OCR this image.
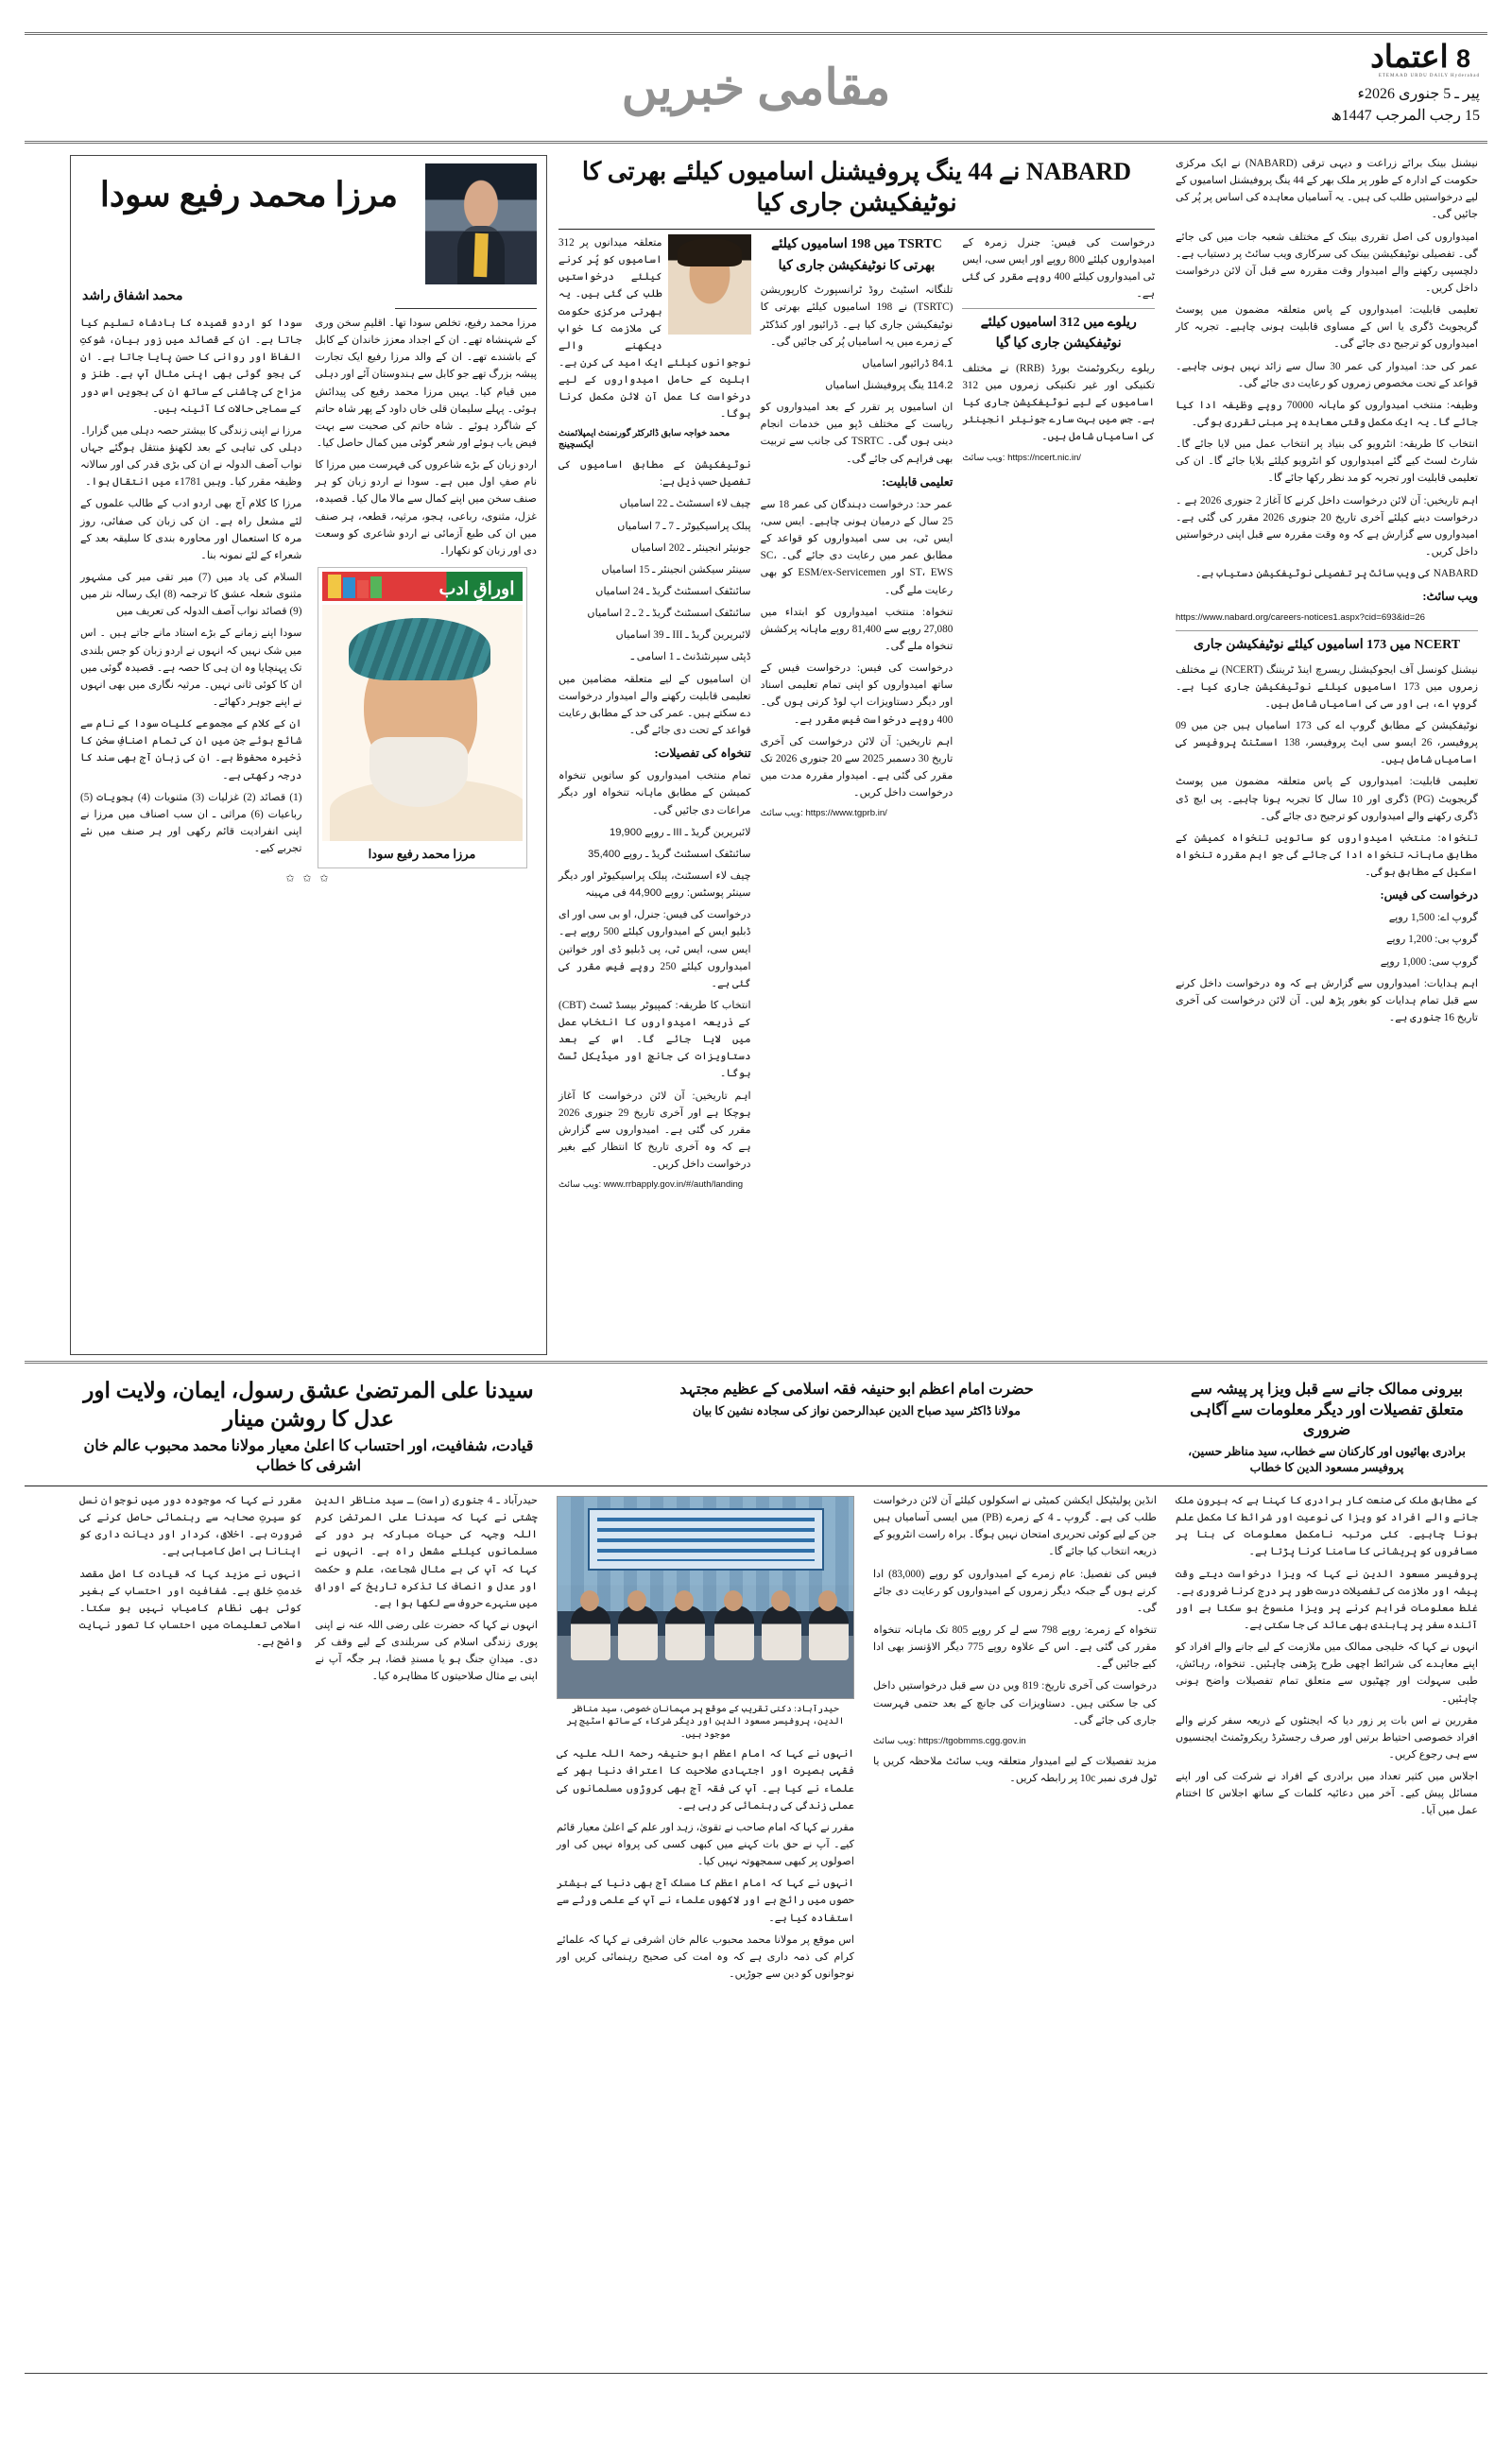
8 اعتماد
ETEMAAD URDU DAILY Hyderabad
پیر ـ 5 جنوری 2026ء
15 رجب المرجب 1447ھ
مقامی خبریں

نیشنل بینک برائے زراعت و دیہی ترقی (NABARD) نے ایک مرکزی حکومت کے ادارہ کے طور پر ملک بھر کے 44 ینگ پروفیشنل اسامیوں کے لیے درخواستیں طلب کی ہیں۔ یہ آسامیاں معاہدہ کی اساس پر پُر کی جائیں گی۔

امیدواروں کی اصل تقرری بینک کے مختلف شعبہ جات میں کی جائے گی۔ تفصیلی نوٹیفکیشن بینک کی سرکاری ویب سائٹ پر دستیاب ہے۔ دلچسپی رکھنے والے امیدوار وقت مقررہ سے قبل آن لائن درخواست داخل کریں۔

تعلیمی قابلیت: امیدواروں کے پاس متعلقہ مضمون میں پوسٹ گریجویٹ ڈگری یا اس کے مساوی قابلیت ہونی چاہیے۔ تجربہ کار امیدواروں کو ترجیح دی جائے گی۔

عمر کی حد: امیدوار کی عمر 30 سال سے زائد نہیں ہونی چاہیے۔ قواعد کے تحت مخصوص زمروں کو رعایت دی جائے گی۔

وظیفہ: منتخب امیدواروں کو ماہانہ 70000 روپے وظیفہ ادا کیا جائے گا۔ یہ ایک مکمل وقتی معاہدہ پر مبنی تقرری ہوگی۔

انتخاب کا طریقہ: انٹرویو کی بنیاد پر انتخاب عمل میں لایا جائے گا۔ شارٹ لسٹ کیے گئے امیدواروں کو انٹرویو کیلئے بلایا جائے گا۔ ان کی تعلیمی قابلیت اور تجربہ کو مد نظر رکھا جائے گا۔

اہم تاریخیں: آن لائن درخواست داخل کرنے کا آغاز 2 جنوری 2026 ہے ۔ درخواست دینے کیلئے آخری تاریخ 20 جنوری 2026 مقرر کی گئی ہے۔ امیدواروں سے گزارش ہے کہ وہ وقت مقررہ سے قبل اپنی درخواستیں داخل کریں۔

NABARD کی ویب سائٹ پر تفصیلی نوٹیفکیشن دستیاب ہے۔

ویب سائٹ:

https://www.nabard.org/careers-notices1.aspx?cid=693&id=26

NCERT میں 173 اسامیوں کیلئے نوٹیفکیشن جاری

نیشنل کونسل آف ایجوکیشنل ریسرچ اینڈ ٹریننگ (NCERT) نے مختلف زمروں میں 173 اسامیوں کیلئے نوٹیفکیشن جاری کیا ہے۔ گروپ اے، بی اور سی کی اسامیاں شامل ہیں۔

نوٹیفکیشن کے مطابق گروپ اے کی 173 اسامیاں ہیں جن میں 09 پروفیسر، 26 ایسو سی ایٹ پروفیسر، 138 اسسٹنٹ پروفیسر کی اسامیاں شامل ہیں۔

تعلیمی قابلیت: امیدواروں کے پاس متعلقہ مضمون میں پوسٹ گریجویٹ (PG) ڈگری اور 10 سال کا تجربہ ہونا چاہیے۔ پی ایچ ڈی ڈگری رکھنے والے امیدواروں کو ترجیح دی جائے گی۔

تنخواہ: منتخب امیدواروں کو ساتویں تنخواہ کمیشن کے مطابق ماہانہ تنخواہ ادا کی جائے گی جو اہم مقررہ تنخواہ اسکیل کے مطابق ہوگی۔

درخواست کی فیس:

گروپ اے: 1,500 روپے

گروپ بی: 1,200 روپے

گروپ سی: 1,000 روپے

اہم ہدایات: امیدواروں سے گزارش ہے کہ وہ درخواست داخل کرنے سے قبل تمام ہدایات کو بغور پڑھ لیں۔ آن لائن درخواست کی آخری تاریخ 16 جنوری ہے۔

NABARD نے 44 ینگ پروفیشنل اسامیوں کیلئے بھرتی کا نوٹیفکیشن جاری کیا

درخواست کی فیس: جنرل زمرہ کے امیدواروں کیلئے 800 روپے اور ایس سی، ایس ٹی امیدواروں کیلئے 400 روپے مقرر کی گئی ہے۔

ریلوے میں 312 اسامیوں کیلئے نوٹیفکیشن جاری کیا گیا

ریلوے ریکروٹمنٹ بورڈ (RRB) نے مختلف تکنیکی اور غیر تکنیکی زمروں میں 312 اسامیوں کے لیے نوٹیفکیشن جاری کیا ہے۔ جس میں بہت سارے جونیئر انجینئر کی اسامیاں شامل ہیں۔

ویب سائٹ: https://ncert.nic.in/

TSRTC میں 198 اسامیوں کیلئے بھرتی کا نوٹیفکیشن جاری کیا

تلنگانہ اسٹیٹ روڈ ٹرانسپورٹ کارپوریشن (TSRTC) نے 198 اسامیوں کیلئے بھرتی کا نوٹیفکیشن جاری کیا ہے۔ ڈرائیور اور کنڈکٹر کے زمرے میں یہ اسامیاں پُر کی جائیں گی۔

84.1 ڈرائیور اسامیاں

114.2 ینگ پروفیشنل اسامیاں

ان اسامیوں پر تقرر کے بعد امیدواروں کو ریاست کے مختلف ڈپو میں خدمات انجام دینی ہوں گی۔ TSRTC کی جانب سے تربیت بھی فراہم کی جائے گی۔

تعلیمی قابلیت:

عمر حد: درخواست دہندگان کی عمر 18 سے 25 سال کے درمیان ہونی چاہیے۔ ایس سی، ایس ٹی، بی سی امیدواروں کو قواعد کے مطابق عمر میں رعایت دی جائے گی۔ SC، ST، EWS اور ESM/ex-Servicemen کو بھی رعایت ملے گی۔

تنخواہ: منتخب امیدواروں کو ابتداء میں 27,080 روپے سے 81,400 روپے ماہانہ پرکشش تنخواہ ملے گی۔

درخواست کی فیس: درخواست فیس کے ساتھ امیدواروں کو اپنی تمام تعلیمی اسناد اور دیگر دستاویزات اپ لوڈ کرنی ہوں گی۔ 400 روپے درخواست فیس مقرر ہے۔

اہم تاریخیں: آن لائن درخواست کی آخری تاریخ 30 دسمبر 2025 سے 20 جنوری 2026 تک مقرر کی گئی ہے۔ امیدوار مقررہ مدت میں درخواست داخل کریں۔

ویب سائٹ: https://www.tgprb.in/

متعلقہ میدانوں پر 312 اسامیوں کو پُر کرنے کیلئے درخواستیں طلب کی گئی ہیں۔ یہ بھرتی مرکزی حکومت کی ملازمت کا خواب دیکھنے والے نوجوانوں کیلئے ایک امید کی کرن ہے۔ اہلیت کے حامل امیدواروں کے لیے درخواست کا عمل آن لائن مکمل کرنا ہوگا۔

محمد خواجہ سابق ڈائرکٹر گورنمنٹ ایمپلائمنٹ ایکسچینج

نوٹیفکیشن کے مطابق اسامیوں کی تفصیل حسب ذیل ہے:

چیف لاء اسسٹنٹ ـ 22 اسامیاں

پبلک پراسیکیوٹر ـ 7 ـ 7 اسامیاں

جونیئر انجینئر ـ 202 اسامیاں

سینئر سیکشن انجینئر ـ 15 اسامیاں

سائنٹفک اسسٹنٹ گریڈ ـ 24 اسامیاں

سائنٹفک اسسٹنٹ گریڈ ـ 2 ـ 2 اسامیاں

لائبریرین گریڈ ـ III ـ 39 اسامیاں

ڈپٹی سپرنٹنڈنٹ ـ 1 اسامی ـ

ان اسامیوں کے لیے متعلقہ مضامین میں تعلیمی قابلیت رکھنے والے امیدوار درخواست دے سکتے ہیں۔ عمر کی حد کے مطابق رعایت قواعد کے تحت دی جائے گی۔

تنخواہ کی تفصیلات:

تمام منتخب امیدواروں کو ساتویں تنخواہ کمیشن کے مطابق ماہانہ تنخواہ اور دیگر مراعات دی جائیں گی۔

لائبریرین گریڈ ـ III ـ روپے 19,900

سائنٹفک اسسٹنٹ گریڈ ـ روپے 35,400

چیف لاء اسسٹنٹ، پبلک پراسیکیوٹر اور دیگر سینئر پوسٹس: روپے 44,900 فی مہینہ

درخواست کی فیس: جنرل، او بی سی اور ای ڈبلیو ایس کے امیدواروں کیلئے 500 روپے ہے۔ ایس سی، ایس ٹی، پی ڈبلیو ڈی اور خواتین امیدواروں کیلئے 250 روپے فیس مقرر کی گئی ہے۔

انتخاب کا طریقہ: کمپیوٹر بیسڈ ٹسٹ (CBT) کے ذریعہ امیدواروں کا انتخاب عمل میں لایا جائے گا۔ اس کے بعد دستاویزات کی جانچ اور میڈیکل ٹسٹ ہوگا۔

اہم تاریخیں: آن لائن درخواست کا آغاز ہوچکا ہے اور آخری تاریخ 29 جنوری 2026 مقرر کی گئی ہے۔ امیدواروں سے گزارش ہے کہ وہ آخری تاریخ کا انتظار کیے بغیر درخواست داخل کریں۔

ویب سائٹ: www.rrbapply.gov.in/#/auth/landing

مرزا محمد رفیع سودا
محمد اشفاق راشد

مرزا محمد رفیع، تخلص سودا تھا۔ اقلیمِ سخن وری کے شہنشاہ تھے۔ ان کے اجداد معزز خاندان کے کابل کے باشندے تھے۔ ان کے والد مرزا رفیع ایک تجارت پیشہ بزرگ تھے جو کابل سے ہندوستان آئے اور دہلی میں قیام کیا۔ یہیں مرزا محمد رفیع کی پیدائش ہوئی۔ پہلے سلیمان قلی خاں داود کے پھر شاہ حاتم کے شاگرد ہوئے ۔ شاہ حاتم کی صحبت سے بہت فیض یاب ہوئے اور شعر گوئی میں کمال حاصل کیا۔

اردو زبان کے بڑے شاعروں کی فہرست میں مرزا کا نام صفِ اول میں ہے۔ سودا نے اردو زبان کو ہر صنف سخن میں اپنے کمال سے مالا مال کیا۔ قصیدہ، غزل، مثنوی، رباعی، ہجو، مرثیہ، قطعہ، ہر صنف میں ان کی طبع آزمائی نے اردو شاعری کو وسعت دی اور زبان کو نکھارا۔

اوراقِ ادب
مرزا محمد رفیع سودا

سودا کو اردو قصیدہ کا بادشاہ تسلیم کیا جاتا ہے۔ ان کے قصائد میں زور بیان، شوکتِ الفاظ اور روانی کا حسن پایا جاتا ہے۔ ان کی ہجو گوئی بھی اپنی مثال آپ ہے۔ طنز و مزاح کی چاشنی کے ساتھ ان کی ہجویں اس دور کے سماجی حالات کا آئینہ ہیں۔

مرزا نے اپنی زندگی کا بیشتر حصہ دہلی میں گزارا۔ دہلی کی تباہی کے بعد لکھنؤ منتقل ہوگئے جہاں نواب آصف الدولہ نے ان کی بڑی قدر کی اور سالانہ وظیفہ مقرر کیا۔ وہیں 1781ء میں انتقال ہوا۔

مرزا کا کلام آج بھی اردو ادب کے طالب علموں کے لئے مشعل راہ ہے۔ ان کی زبان کی صفائی، روز مرہ کا استعمال اور محاورہ بندی کا سلیقہ بعد کے شعراء کے لئے نمونہ بنا۔

السلام کی یاد میں (7) میر تقی میر کی مشہور مثنوی شعلہ عشق کا ترجمہ (8) ایک رسالہ نثر میں (9) قصائد نواب آصف الدولہ کی تعریف میں

سودا اپنے زمانے کے بڑے استاد مانے جاتے ہیں ۔ اس میں شک نہیں کہ انہوں نے اردو زبان کو جس بلندی تک پہنچایا وہ ان ہی کا حصہ ہے۔ قصیدہ گوئی میں ان کا کوئی ثانی نہیں۔ مرثیہ نگاری میں بھی انہوں نے اپنے جوہر دکھائے۔

ان کے کلام کے مجموعے کلیات سودا کے نام سے شائع ہوئے جن میں ان کی تمام اصنافِ سخن کا ذخیرہ محفوظ ہے۔ ان کی زبان آج بھی سند کا درجہ رکھتی ہے۔

(1) قصائد (2) غزلیات (3) مثنویات (4) ہجویات (5) رباعیات (6) مراثی ـ ان سب اصناف میں مرزا نے اپنی انفرادیت قائم رکھی اور ہر صنف میں نئے تجربے کیے۔

✩ ✩ ✩
بیرونی ممالک جانے سے قبل ویزا پر پیشہ سے متعلق تفصیلات اور دیگر معلومات سے آگاہی ضروری
برادری بھائیوں اور کارکنان سے خطاب، سید مناظر حسین، پروفیسر مسعود الدین کا خطاب
حضرت امام اعظم ابو حنیفہ فقہ اسلامی کے عظیم مجتہد
مولانا ڈاکٹر سید صباح الدین عبدالرحمن نواز کی سجادہ نشین کا بیان
سیدنا علی المرتضیٰ عشق رسول، ایمان، ولایت اور عدل کا روشن مینار
قیادت، شفافیت، اور احتساب کا اعلیٰ معیار مولانا محمد محبوب عالم خان اشرفی کا خطاب

کے مطابق ملک کی صنعت کار برادری کا کہنا ہے کہ بیرونِ ملک جانے والے افراد کو ویزا کی نوعیت اور شرائط کا مکمل علم ہونا چاہیے۔ کئی مرتبہ نامکمل معلومات کی بنا پر مسافروں کو پریشانی کا سامنا کرنا پڑتا ہے۔

پروفیسر مسعود الدین نے کہا کہ ویزا درخواست دیتے وقت پیشہ اور ملازمت کی تفصیلات درست طور پر درج کرنا ضروری ہے۔ غلط معلومات فراہم کرنے پر ویزا منسوخ ہو سکتا ہے اور آئندہ سفر پر پابندی بھی عائد کی جا سکتی ہے۔

انہوں نے کہا کہ خلیجی ممالک میں ملازمت کے لیے جانے والے افراد کو اپنے معاہدے کی شرائط اچھی طرح پڑھنی چاہئیں۔ تنخواہ، رہائش، طبی سہولت اور چھٹیوں سے متعلق تمام تفصیلات واضح ہونی چاہئیں۔

مقررین نے اس بات پر زور دیا کہ ایجنٹوں کے ذریعہ سفر کرنے والے افراد خصوصی احتیاط برتیں اور صرف رجسٹرڈ ریکروٹمنٹ ایجنسیوں سے ہی رجوع کریں۔

اجلاس میں کثیر تعداد میں برادری کے افراد نے شرکت کی اور اپنے مسائل پیش کیے۔ آخر میں دعائیہ کلمات کے ساتھ اجلاس کا اختتام عمل میں آیا۔

انڈین پولیٹیکل ایکشن کمیٹی نے اسکولوں کیلئے آن لائن درخواست طلب کی ہے۔ گروپ ـ 4 کے زمرے (PB) میں ایسی آسامیاں ہیں جن کے لیے کوئی تحریری امتحان نہیں ہوگا۔ براہ راست انٹرویو کے ذریعہ انتخاب کیا جائے گا۔

فیس کی تفصیل: عام زمرے کے امیدواروں کو روپے (83,000) ادا کرنے ہوں گے جبکہ دیگر زمروں کے امیدواروں کو رعایت دی جائے گی۔

تنخواہ کے زمرے: روپے 798 سے لے کر روپے 805 تک ماہانہ تنخواہ مقرر کی گئی ہے۔ اس کے علاوہ روپے 775 دیگر الاؤنسز بھی ادا کیے جائیں گے۔

درخواست کی آخری تاریخ: 819 ویں دن سے قبل درخواستیں داخل کی جا سکتی ہیں۔ دستاویزات کی جانچ کے بعد حتمی فہرست جاری کی جائے گی۔

ویب سائٹ: https://tgobmms.cgg.gov.in

مزید تفصیلات کے لیے امیدوار متعلقہ ویب سائٹ ملاحظہ کریں یا ٹول فری نمبر 10c پر رابطہ کریں۔

حیدرآباد: دکنی تقریب کے موقع پر مہمانانِ خصوصی، سید مناظر الدین، پروفیسر مسعود الدین اور دیگر شرکاء کے ساتھ اسٹیج پر موجود ہیں۔

انہوں نے کہا کہ امام اعظم ابو حنیفہ رحمۃ اللہ علیہ کی فقہی بصیرت اور اجتہادی صلاحیت کا اعتراف دنیا بھر کے علماء نے کیا ہے۔ آپ کی فقہ آج بھی کروڑوں مسلمانوں کی عملی زندگی کی رہنمائی کر رہی ہے۔

مقرر نے کہا کہ امام صاحب نے تقویٰ، زہد اور علم کے اعلیٰ معیار قائم کیے۔ آپ نے حق بات کہنے میں کبھی کسی کی پرواہ نہیں کی اور اصولوں پر کبھی سمجھوتہ نہیں کیا۔

انہوں نے کہا کہ امام اعظم کا مسلک آج بھی دنیا کے بیشتر حصوں میں رائج ہے اور لاکھوں علماء نے آپ کے علمی ورثے سے استفادہ کیا ہے۔

اس موقع پر مولانا محمد محبوب عالم خان اشرفی نے کہا کہ علمائے کرام کی ذمہ داری ہے کہ وہ امت کی صحیح رہنمائی کریں اور نوجوانوں کو دین سے جوڑیں۔

حیدرآباد ـ 4 جنوری (راست) ـ سید مناظر الدین چشتی نے کہا کہ سیدنا علی المرتضیٰ کرم اللہ وجہہ کی حیات مبارکہ ہر دور کے مسلمانوں کیلئے مشعل راہ ہے۔ انہوں نے کہا کہ آپ کی بے مثال شجاعت، علم و حکمت اور عدل و انصاف کا تذکرہ تاریخ کے اوراق میں سنہرے حروف سے لکھا ہوا ہے۔

انہوں نے کہا کہ حضرت علی رضی اللہ عنہ نے اپنی پوری زندگی اسلام کی سربلندی کے لیے وقف کر دی۔ میدانِ جنگ ہو یا مسندِ قضا، ہر جگہ آپ نے اپنی بے مثال صلاحیتوں کا مظاہرہ کیا۔

مقرر نے کہا کہ موجودہ دور میں نوجوان نسل کو سیرتِ صحابہ سے رہنمائی حاصل کرنے کی ضرورت ہے۔ اخلاق، کردار اور دیانت داری کو اپنانا ہی اصل کامیابی ہے۔

انہوں نے مزید کہا کہ قیادت کا اصل مقصد خدمتِ خلق ہے۔ شفافیت اور احتساب کے بغیر کوئی بھی نظام کامیاب نہیں ہو سکتا۔ اسلامی تعلیمات میں احتساب کا تصور نہایت واضح ہے۔
